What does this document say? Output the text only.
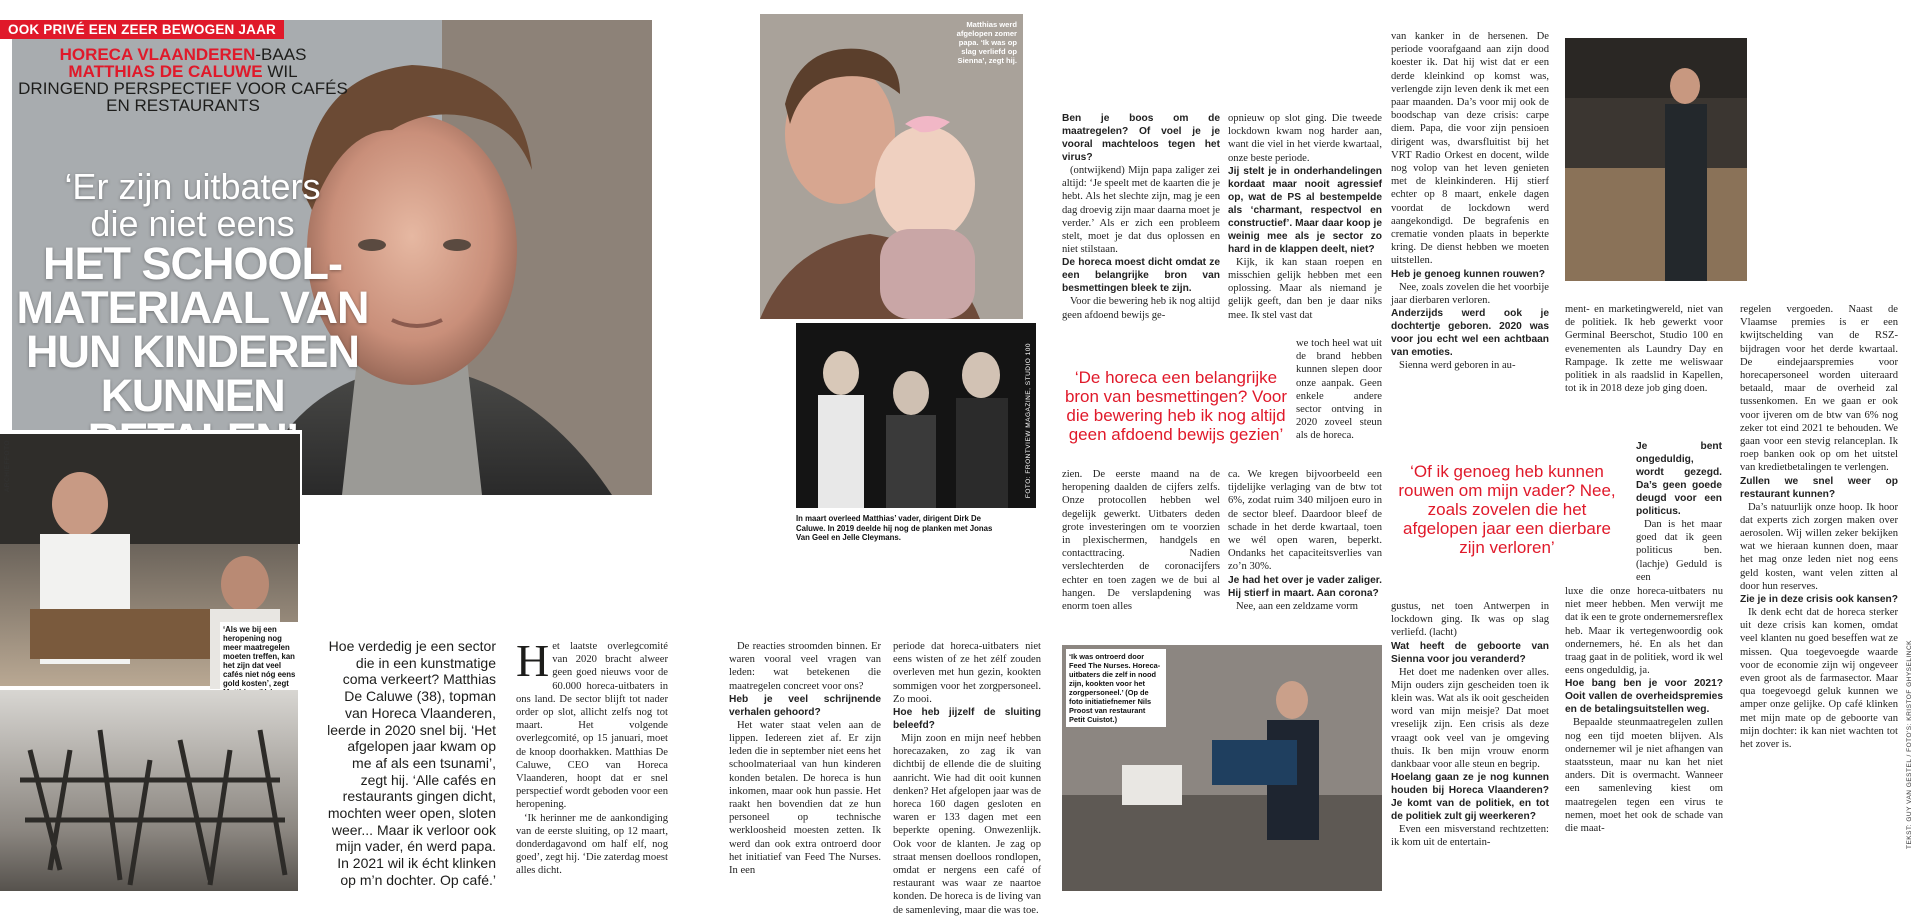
OOK PRIVÉ EEN ZEER BEWOGEN JAAR
HORECA VLAANDEREN-BAAS
MATTHIAS DE CALUWE WIL
DRINGEND PERSPECTIEF VOOR CAFÉS EN RESTAURANTS
‘Er zijn uitbaters
die niet eens
HET SCHOOL-
MATERIAAL VAN
HUN KINDEREN
KUNNEN
‘Als we bij een heropening nog meer maatregelen moeten treffen, kan het zijn dat veel cafés niet nóg eens gold kosten’, zegt
ARCHIEFFOTO
Matthias werd afgelopen zomer papa. ‘Ik was op slag verliefd op Sienna’, zegt hij.
FOTO: FRONTVIEW MAGAZINE, STUDIO 100
In maart overleed Matthias’ vader, dirigent Dirk De Caluwe. In 2019 deelde hij nog de planken met Jonas Van Geel en Jelle Cleymans.
Hoe verdedig je een sector die in een kunstmatige coma verkeert? Matthias De Caluwe (38), topman van Horeca Vlaanderen, leerde in 2020 snel bij. ‘Het afgelopen jaar kwam op me af als een tsunami’, zegt hij. ‘Alle cafés en restaurants gingen dicht, mochten weer open, sloten weer... Maar ik verloor ook mijn vader, én werd papa. In 2021 wil ik écht klinken op m’n dochter. Op café.’
H et laatste overlegcomité van 2020 bracht alweer geen goed nieuws voor de 60.000 horeca-uitbaters in ons land. De sector blijft tot nader order op slot, allicht zelfs nog tot maart. Het volgende overlegcomité, op 15 januari, moet de knoop doorhakken. Matthias De Caluwe, CEO van Horeca Vlaanderen, hoopt dat er snel perspectief wordt geboden voor een heropening.

‘Ik herinner me de aankondiging van de eerste sluiting, op 12 maart, donderdagavond om half elf, nog goed’, zegt hij. ‘Die zaterdag moest alles dicht.

De reacties stroomden binnen. Er waren vooral veel vragen van leden: wat betekenen die maatregelen concreet voor ons?

Heb je veel schrijnende verhalen gehoord?

Het water staat velen aan de lippen. Iedereen ziet af. Er zijn leden die in september niet eens het schoolmateriaal van hun kinderen konden betalen. De horeca is hun inkomen, maar ook hun passie. Het raakt hen bovendien dat ze hun personeel op technische werkloosheid moesten zetten. Ik werd dan ook extra ontroerd door het initiatief van Feed The Nurses. In een

periode dat horeca-uitbaters niet eens wisten of ze het zélf zouden overleven met hun gezin, kookten sommigen voor het zorgpersoneel. Zo mooi.

Hoe heb jijzelf de sluiting beleefd?

Mijn zoon en mijn neef hebben horecazaken, zo zag ik van dichtbij de ellende die de sluiting aanricht. Wie had dit ooit kunnen denken? Het afgelopen jaar was de horeca 160 dagen gesloten en waren er 133 dagen met een beperkte opening. Onwezenlijk. Ook voor de klanten. Je zag op straat mensen doelloos rondlopen, omdat er nergens een café of restaurant was waar ze naartoe konden. De horeca is de living van de samenleving, maar die was toe.

Ben je boos om de maatregelen? Of voel je je vooral machteloos tegen het virus?

(ontwijkend) Mijn papa zaliger zei altijd: ‘Je speelt met de kaarten die je hebt. Als het slechte zijn, mag je een dag droevig zijn maar daarna moet je verder.’ Als er zich een probleem stelt, moet je dat dus oplossen en niet stilstaan.

De horeca moest dicht omdat ze een belangrijke bron van besmettingen bleek te zijn.

Voor die bewering heb ik nog altijd geen afdoend bewijs ge-

opnieuw op slot ging. Die tweede lockdown kwam nog harder aan, want die viel in het vierde kwartaal, onze beste periode.

Jij stelt je in onderhandelingen kordaat maar nooit agressief op, wat de PS al bestempelde als ‘charmant, respectvol en constructief’. Maar daar koop je weinig mee als je sector zo hard in de klappen deelt, niet?

Kijk, ik kan staan roepen en misschien gelijk hebben met een oplossing. Maar als niemand je gelijk geeft, dan ben je daar niks mee. Ik stel vast dat

we toch heel wat uit de brand hebben kunnen slepen door onze aanpak. Geen enkele andere sector ontving in 2020 zoveel steun als de horeca.

‘De horeca een belangrijke bron van besmettingen? Voor die bewering heb ik nog altijd geen afdoend bewijs gezien’

zien. De eerste maand na de heropening daalden de cijfers zelfs. Onze protocollen hebben wel degelijk gewerkt. Uitbaters deden grote investeringen om te voorzien in plexischermen, handgels en contacttracing. Nadien verslechterden de coronacijfers echter en toen zagen we de bui al hangen. De verslapdening was enorm toen alles

ca. We kregen bijvoorbeeld een tijdelijke verlaging van de btw tot 6%, zodat ruim 340 miljoen euro in de sector bleef. Daardoor bleef de schade in het derde kwartaal, toen we wél open waren, beperkt. Ondanks het capaciteitsverlies van zo’n 30%.

Je had het over je vader zaliger. Hij stierf in maart. Aan corona?

Nee, aan een zeldzame vorm

‘Ik was ontroerd door Feed The Nurses. Horeca-uitbaters die zelf in nood zijn, kookten voor het zorgpersoneel.’ (Op de foto initiatiefnemer Nils Proost van restaurant Petit Cuistot.)

van kanker in de hersenen. De periode voorafgaand aan zijn dood koester ik. Dat hij wist dat er een derde kleinkind op komst was, verlengde zijn leven denk ik met een paar maanden. Da’s voor mij ook de boodschap van deze crisis: carpe diem. Papa, die voor zijn pensioen dirigent was, dwarsfluitist bij het VRT Radio Orkest en docent, wilde nog volop van het leven genieten met de kleinkinderen. Hij stierf echter op 8 maart, enkele dagen voordat de lockdown werd aangekondigd. De begrafenis en crematie vonden plaats in beperkte kring. De dienst hebben we moeten uitstellen.

Heb je genoeg kunnen rouwen?

Nee, zoals zovelen die het voorbije jaar dierbaren verloren.

Anderzijds werd ook je dochtertje geboren. 2020 was voor jou echt wel een achtbaan van emoties.

Sienna werd geboren in au-

‘Of ik genoeg heb kunnen rouwen om mijn vader? Nee, zoals zovelen die het afgelopen jaar een dierbare zijn verloren’

gustus, net toen Antwerpen in lockdown ging. Ik was op slag verliefd. (lacht)

Wat heeft de geboorte van Sienna voor jou veranderd?

Het doet me nadenken over alles. Mijn ouders zijn gescheiden toen ik klein was. Wat als ik ooit gescheiden word van mijn meisje? Dat moet vreselijk zijn. Een crisis als deze vraagt ook veel van je omgeving thuis. Ik ben mijn vrouw enorm dankbaar voor alle steun en begrip.

Hoelang gaan ze je nog kunnen houden bij Horeca Vlaanderen? Je komt van de politiek, en tot de politiek zult gij weerkeren?

Even een misverstand rechtzetten: ik kom uit de entertain-

ment- en marketingwereld, niet van de politiek. Ik heb gewerkt voor Germinal Beerschot, Studio 100 en evenementen als Laundry Day en Rampage. Ik zette me weliswaar politiek in als raadslid in Kapellen, tot ik in 2018 deze job ging doen.

Je bent ongeduldig, wordt gezegd. Da’s geen goede deugd voor een politicus.

Dan is het maar goed dat ik geen politicus ben. (lachje) Geduld is een

luxe die onze horeca-uitbaters nu niet meer hebben. Men verwijt me dat ik een te grote ondernemersreflex heb. Maar ik vertegenwoordig ook ondernemers, hé. En als het dan traag gaat in de politiek, word ik wel eens ongeduldig, ja.

Hoe bang ben je voor 2021? Ooit vallen de overheidspremies en de betalingsuitstellen weg.

Bepaalde steunmaatregelen zullen nog een tijd moeten blijven. Als ondernemer wil je niet afhangen van staatssteun, maar nu kan het niet anders. Dit is overmacht. Wanneer een samenleving kiest om maatregelen tegen een virus te nemen, moet het ook de schade van die maat-

regelen vergoeden. Naast de Vlaamse premies is er een kwijtschelding van de RSZ-bijdragen voor het derde kwartaal. De eindejaarspremies voor horecapersoneel worden uiteraard betaald, maar de overheid zal tussenkomen. En we gaan er ook voor ijveren om de btw van 6% nog zeker tot eind 2021 te behouden. We gaan voor een stevig relanceplan. Ik roep banken ook op om het uitstel van kredietbetalingen te verlengen.

Zullen we snel weer op restaurant kunnen?

Da’s natuurlijk onze hoop. Ik hoor dat experts zich zorgen maken over aerosolen. Wij willen zeker bekijken wat we hieraan kunnen doen, maar het mag onze leden niet nog eens geld kosten, want velen zitten al door hun reserves.

Zie je in deze crisis ook kansen?

Ik denk echt dat de horeca sterker uit deze crisis kan komen, omdat veel klanten nu goed beseffen wat ze missen. Qua toegevoegde waarde voor de economie zijn wij ongeveer even groot als de farmasector. Maar qua toegevoegd geluk kunnen we amper onze gelijke. Op café klinken met mijn mate op de geboorte van mijn dochter: ik kan niet wachten tot het zover is.	TEKST: GUY VAN GESTEL / FOTO'S: KRISTOF GHYSELINCK
